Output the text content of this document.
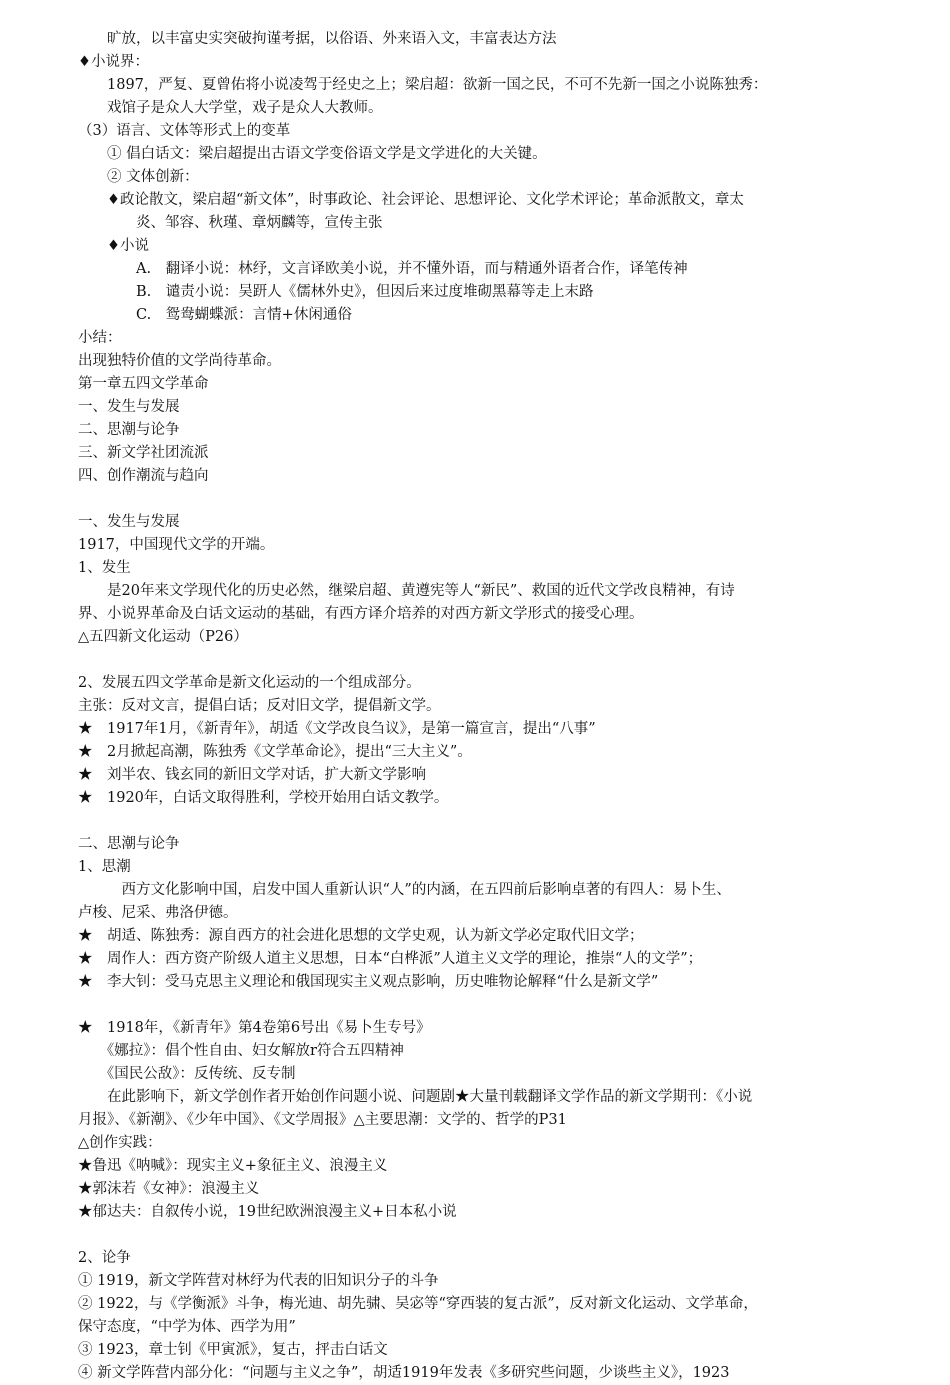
　　旷放，以丰富史实突破拘谨考据，以俗语、外来语入文，丰富表达方法
♦小说界：
　　1897，严复、夏曾佑将小说凌驾于经史之上；梁启超：欲新一国之民，不可不先新一国之小说陈独秀：
　　戏馆子是众人大学堂，戏子是众人大教师。
（3）语言、文体等形式上的变革
　　① 倡白话文：梁启超提出古语文学变俗语文学是文学进化的大关键。
　　② 文体创新：
　　♦政论散文，梁启超“新文体”，时事政论、社会评论、思想评论、文化学术评论；革命派散文，章太
　　　　炎、邹容、秋瑾、章炳麟等，宣传主张
　　♦小说
　　　　A.　翻译小说：林纾，文言译欧美小说，并不懂外语，而与精通外语者合作，译笔传神
　　　　B.　谴责小说：吴趼人《儒林外史》，但因后来过度堆砌黑幕等走上末路
　　　　C.　鸳鸯蝴蝶派：言情+休闲通俗
小结：
出现独特价值的文学尚待革命。
第一章五四文学革命
一、发生与发展
二、思潮与论争
三、新文学社团流派
四、创作潮流与趋向
一、发生与发展
1917，中国现代文学的开端。
1、发生
　　是20年来文学现代化的历史必然，继梁启超、黄遵宪等人“新民”、救国的近代文学改良精神，有诗
界、小说界革命及白话文运动的基础，有西方译介培养的对西方新文学形式的接受心理。
△五四新文化运动（P26）
2、发展五四文学革命是新文化运动的一个组成部分。
主张：反对文言，提倡白话；反对旧文学，提倡新文学。
★　1917年1月，《新青年》，胡适《文学改良刍议》，是第一篇宣言，提出“八事”
★　2月掀起高潮，陈独秀《文学革命论》，提出“三大主义”。
★　刘半农、钱玄同的新旧文学对话，扩大新文学影响
★　1920年，白话文取得胜利，学校开始用白话文教学。
二、思潮与论争
1、思潮
　　　西方文化影响中国，启发中国人重新认识“人”的内涵，在五四前后影响卓著的有四人：易卜生、
卢梭、尼采、弗洛伊德。
★　胡适、陈独秀：源自西方的社会进化思想的文学史观，认为新文学必定取代旧文学；
★　周作人：西方资产阶级人道主义思想，日本“白桦派”人道主义文学的理论，推崇“人的文学”；
★　李大钊：受马克思主义理论和俄国现实主义观点影响，历史唯物论解释“什么是新文学”
★　1918年，《新青年》第4卷第6号出《易卜生专号》
　　《娜拉》：倡个性自由、妇女解放r符合五四精神
　　《国民公敌》：反传统、反专制
　　在此影响下，新文学创作者开始创作问题小说、问题剧★大量刊载翻译文学作品的新文学期刊：《小说
月报》、《新潮》、《少年中国》、《文学周报》△主要思潮：文学的、哲学的P31
△创作实践：
★鲁迅《呐喊》：现实主义+象征主义、浪漫主义
★郭沫若《女神》：浪漫主义
★郁达夫：自叙传小说，19世纪欧洲浪漫主义+日本私小说
2、论争
① 1919，新文学阵营对林纾为代表的旧知识分子的斗争
② 1922，与《学衡派》斗争，梅光迪、胡先骕、吴宓等“穿西装的复古派”，反对新文化运动、文学革命，
保守态度，“中学为体、西学为用”
③ 1923，章士钊《甲寅派》，复古，抨击白话文
④ 新文学阵营内部分化：“问题与主义之争”，胡适1919年发表《多研究些问题，少谈些主义》，1923
